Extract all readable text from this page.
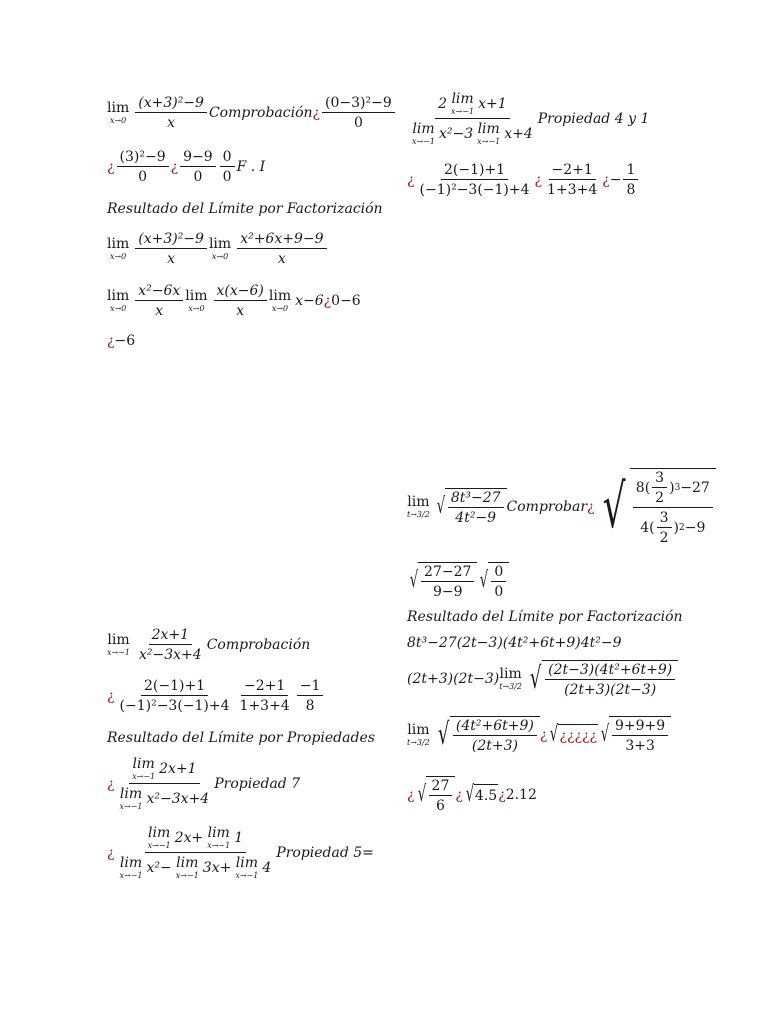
lim
x→0
(x+3)²−9
x
Comprobación ¿
(0−3)²−9
0
¿
(3)²−9
0
¿
9−9
0
0
0
F . I
Resultado del Límite por Factorización
lim
x→0
(x+3)²−9
x
lim
x→0
x²+6x+9−9
x
lim
x→0
x²−6x
x
lim
x→0
x(x−6)
x
lim
x→0 x−6 ¿ 0−6
¿ −6
lim
x→−1
2x+1
x²−3x+4
Comprobación
¿
2(−1)+1
(−1)²−3(−1)+4
−2+1
1+3+4
−1
8
Resultado del Límite por Propiedades
¿
lim
x→−1 2x+1
lim
x→−1 x²−3x+4
Propiedad 7
¿
lim
x→−1 2x+ lim
x→−1 1
lim
x→−1 x²− lim
x→−1 3x+ lim
x→−1 4
Propiedad 5=
2 lim
x→−1 x+1
lim
x→−1 x²−3 lim
x→−1 x+4
Propiedad 4 y 1
¿
2(−1)+1
(−1)²−3(−1)+4
¿
−2+1
1+3+4
¿ − $\frac{1}{8}$
lim
t→3/2 √ 8t³−27
4t²−9
Comprobar ¿ √ 8 (
3
2
) 3 −27
4 (
3
2
) 2 −9
√ 27−27
9−9 √ 0
0
Resultado del Límite por Factorización
8t³−27(2t−3)(4t²+6t+9)4t²−9
(2t+3)(2t−3) lim
t→3/2 √ (2t−3)(4t²+6t+9)
(2t+3)(2t−3)
lim
t→3/2 √ (4t²+6t+9)
(2t+3)
¿ √ ¿¿¿¿¿ √ 9+9+9
3+3
¿ √ 27
6
¿ √ 4.5 ¿ 2.12
